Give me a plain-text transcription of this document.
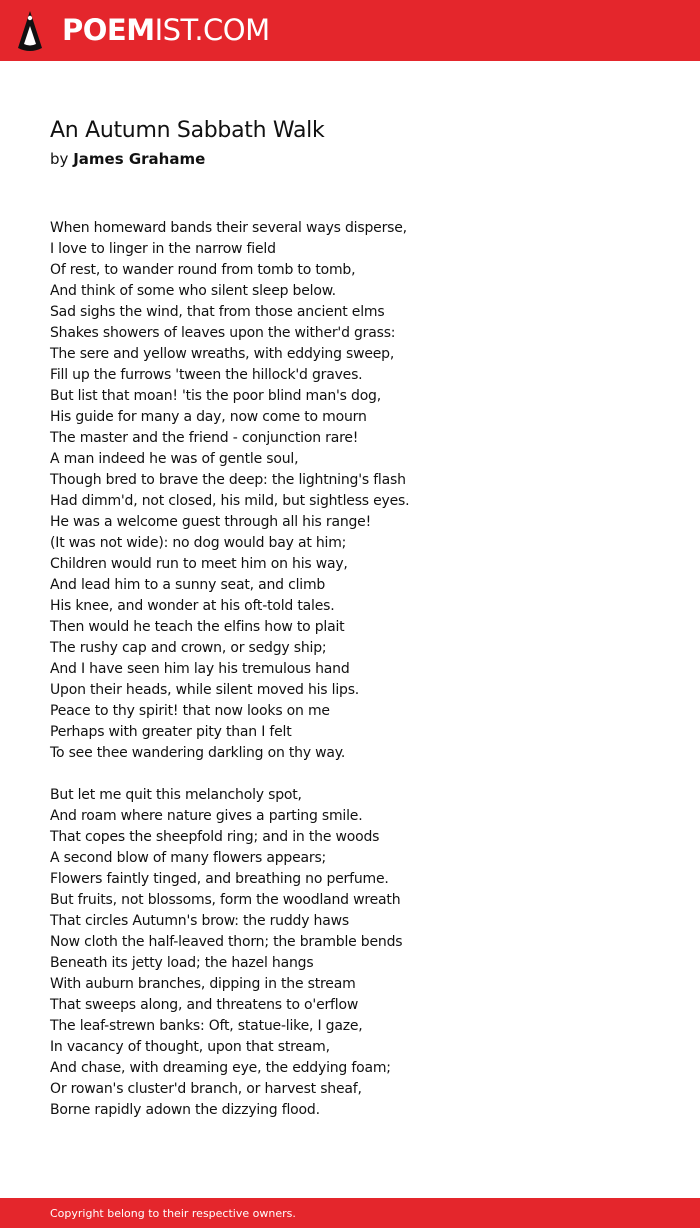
POEMIST.COM
An Autumn Sabbath Walk
by James Grahame
When homeward bands their several ways disperse,
I love to linger in the narrow field
Of rest, to wander round from tomb to tomb,
And think of some who silent sleep below.
Sad sighs the wind, that from those ancient elms
Shakes showers of leaves upon the wither'd grass:
The sere and yellow wreaths, with eddying sweep,
Fill up the furrows 'tween the hillock'd graves.
But list that moan! 'tis the poor blind man's dog,
His guide for many a day, now come to mourn
The master and the friend - conjunction rare!
A man indeed he was of gentle soul,
Though bred to brave the deep: the lightning's flash
Had dimm'd, not closed, his mild, but sightless eyes.
He was a welcome guest through all his range!
(It was not wide): no dog would bay at him;
Children would run to meet him on his way,
And lead him to a sunny seat, and climb
His knee, and wonder at his oft-told tales.
Then would he teach the elfins how to plait
The rushy cap and crown, or sedgy ship;
And I have seen him lay his tremulous hand
Upon their heads, while silent moved his lips.
Peace to thy spirit! that now looks on me
Perhaps with greater pity than I felt
To see thee wandering darkling on thy way.
But let me quit this melancholy spot,
And roam where nature gives a parting smile.
That copes the sheepfold ring; and in the woods
A second blow of many flowers appears;
Flowers faintly tinged, and breathing no perfume.
But fruits, not blossoms, form the woodland wreath
That circles Autumn's brow: the ruddy haws
Now cloth the half-leaved thorn; the bramble bends
Beneath its jetty load; the hazel hangs
With auburn branches, dipping in the stream
That sweeps along, and threatens to o'erflow
The leaf-strewn banks: Oft, statue-like, I gaze,
In vacancy of thought, upon that stream,
And chase, with dreaming eye, the eddying foam;
Or rowan's cluster'd branch, or harvest sheaf,
Borne rapidly adown the dizzying flood.
Copyright belong to their respective owners.
